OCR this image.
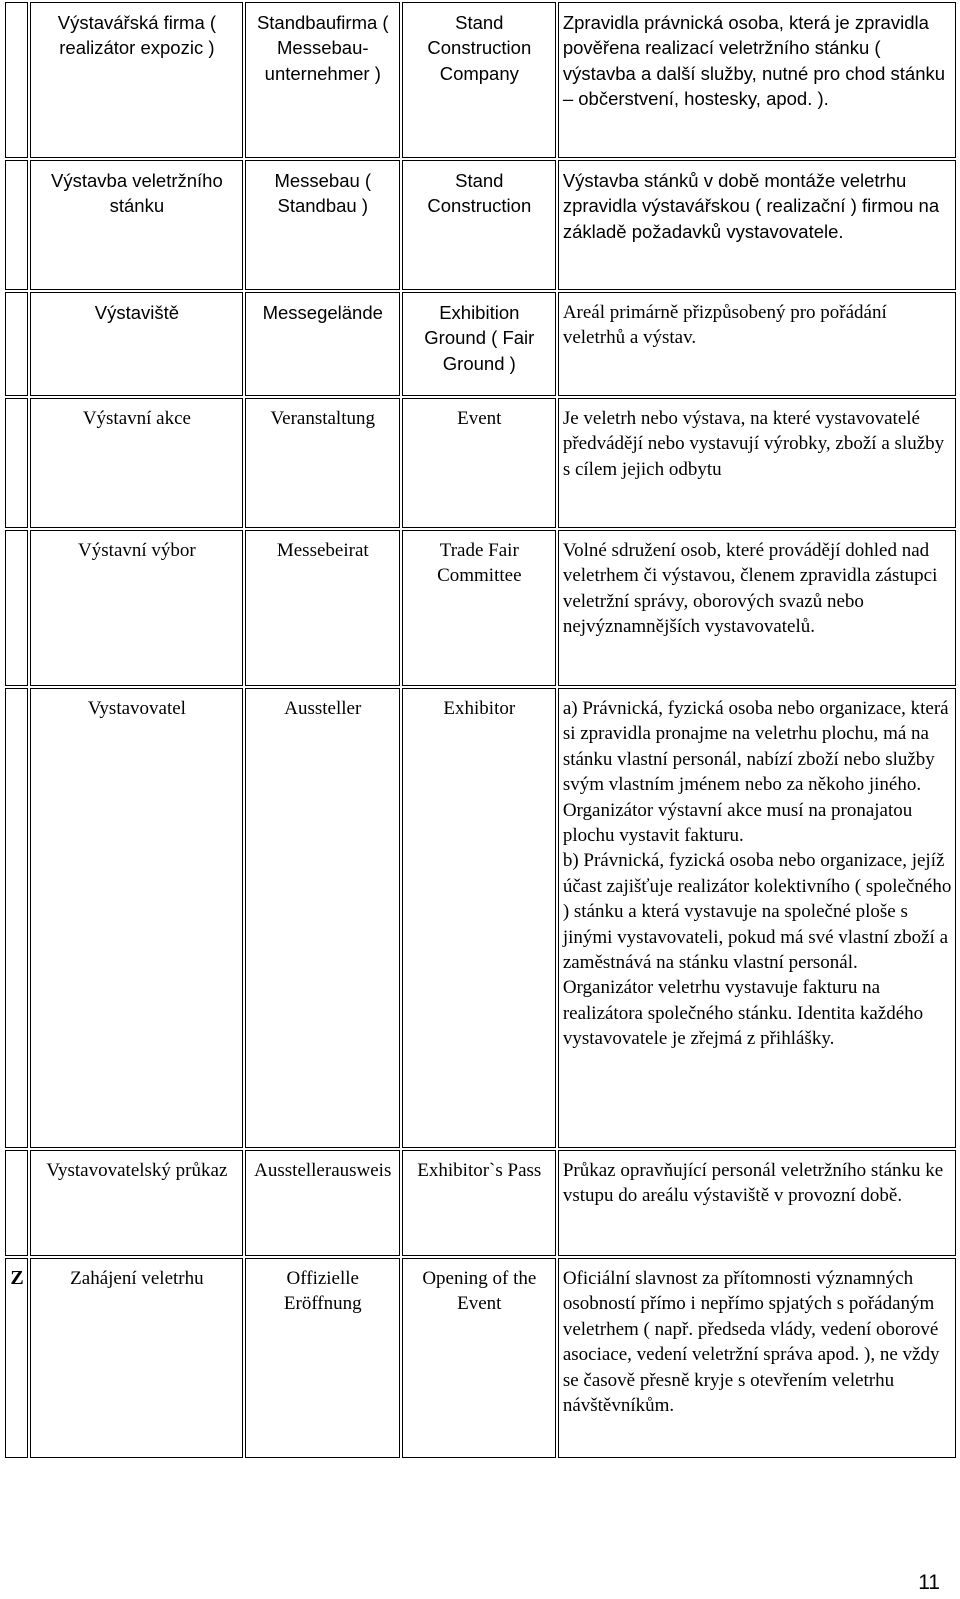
	Výstavářská firma ( realizátor expozic )	Standbaufirma ( Messebau-unternehmer )	Stand Construction Company	Zpravidla právnická osoba, která je zpravidla pověřena realizací veletržního stánku ( výstavba a další služby, nutné pro chod stánku – občerstvení, hostesky, apod. ).

	Výstavba veletržního stánku	Messebau ( Standbau )	Stand Construction	Výstavba stánků v době montáže veletrhu zpravidla výstavářskou ( realizační ) firmou na základě požadavků vystavovatele.

	Výstaviště	Messegelände	Exhibition Ground ( Fair Ground )	Areál primárně přizpůsobený pro pořádání veletrhů a výstav.

	Výstavní akce	Veranstaltung	Event	Je veletrh nebo výstava, na které vystavovatelé předvádějí nebo vystavují výrobky, zboží a služby s cílem jejich odbytu

	Výstavní výbor	Messebeirat	Trade Fair Committee	Volné sdružení osob, které provádějí dohled nad veletrhem či výstavou, členem zpravidla zástupci veletržní správy, oborových svazů nebo nejvýznamnějších vystavovatelů.

	Vystavovatel	Aussteller	Exhibitor	a) Právnická, fyzická osoba nebo organizace, která si zpravidla pronajme na veletrhu plochu, má na stánku vlastní personál, nabízí zboží nebo služby svým vlastním jménem nebo za někoho jiného.
Organizátor výstavní akce musí na pronajatou plochu vystavit fakturu.
b) Právnická, fyzická osoba nebo organizace, jejíž účast zajišťuje realizátor kolektivního ( společného ) stánku a která vystavuje na společné ploše s jinými vystavovateli, pokud má své vlastní zboží a zaměstnává na stánku vlastní personál.
Organizátor veletrhu vystavuje fakturu na realizátora společného stánku. Identita každého vystavovatele je zřejmá z přihlášky.

	Vystavovatelský průkaz	Ausstellerausweis	Exhibitor`s Pass	Průkaz opravňující personál veletržního stánku ke vstupu do areálu výstaviště v provozní době.

Z	Zahájení veletrhu	Offizielle Eröffnung	Opening of the Event	Oficiální slavnost za přítomnosti významných osobností přímo i nepřímo spjatých s pořádaným veletrhem ( např. předseda vlády, vedení oborové asociace, vedení veletržní správa apod. ), ne vždy se časově přesně kryje s otevřením veletrhu návštěvníkům.
11
